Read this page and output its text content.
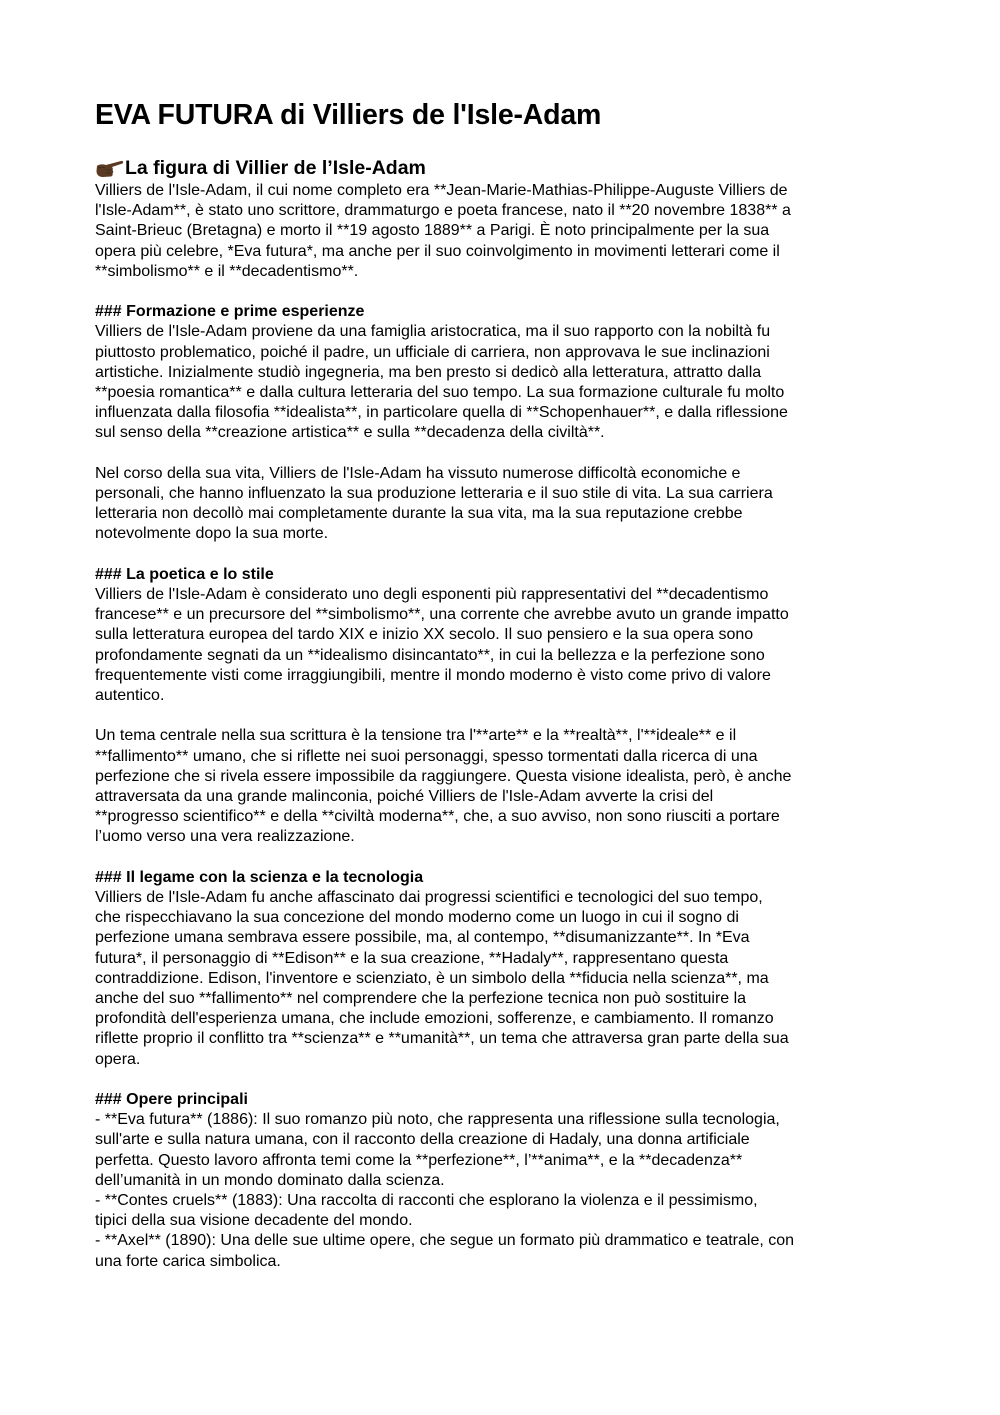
EVA FUTURA di Villiers de l'Isle-Adam
La figura di Villier de l’Isle-Adam

Villiers de l'Isle-Adam, il cui nome completo era **Jean-Marie-Mathias-Philippe-Auguste Villiers de
l'Isle-Adam**, è stato uno scrittore, drammaturgo e poeta francese, nato il **20 novembre 1838** a
Saint-Brieuc (Bretagna) e morto il **19 agosto 1889** a Parigi. È noto principalmente per la sua
opera più celebre, *Eva futura*, ma anche per il suo coinvolgimento in movimenti letterari come il
**simbolismo** e il **decadentismo**.

### Formazione e prime esperienze

Villiers de l'Isle-Adam proviene da una famiglia aristocratica, ma il suo rapporto con la nobiltà fu
piuttosto problematico, poiché il padre, un ufficiale di carriera, non approvava le sue inclinazioni
artistiche. Inizialmente studiò ingegneria, ma ben presto si dedicò alla letteratura, attratto dalla
**poesia romantica** e dalla cultura letteraria del suo tempo. La sua formazione culturale fu molto
influenzata dalla filosofia **idealista**, in particolare quella di **Schopenhauer**, e dalla riflessione
sul senso della **creazione artistica** e sulla **decadenza della civiltà**.

Nel corso della sua vita, Villiers de l'Isle-Adam ha vissuto numerose difficoltà economiche e
personali, che hanno influenzato la sua produzione letteraria e il suo stile di vita. La sua carriera
letteraria non decollò mai completamente durante la sua vita, ma la sua reputazione crebbe
notevolmente dopo la sua morte.

### La poetica e lo stile

Villiers de l'Isle-Adam è considerato uno degli esponenti più rappresentativi del **decadentismo
francese** e un precursore del **simbolismo**, una corrente che avrebbe avuto un grande impatto
sulla letteratura europea del tardo XIX e inizio XX secolo. Il suo pensiero e la sua opera sono
profondamente segnati da un **idealismo disincantato**, in cui la bellezza e la perfezione sono
frequentemente visti come irraggiungibili, mentre il mondo moderno è visto come privo di valore
autentico.

Un tema centrale nella sua scrittura è la tensione tra l'**arte** e la **realtà**, l'**ideale** e il
**fallimento** umano, che si riflette nei suoi personaggi, spesso tormentati dalla ricerca di una
perfezione che si rivela essere impossibile da raggiungere. Questa visione idealista, però, è anche
attraversata da una grande malinconia, poiché Villiers de l'Isle-Adam avverte la crisi del
**progresso scientifico** e della **civiltà moderna**, che, a suo avviso, non sono riusciti a portare
l’uomo verso una vera realizzazione.

### Il legame con la scienza e la tecnologia

Villiers de l'Isle-Adam fu anche affascinato dai progressi scientifici e tecnologici del suo tempo,
che rispecchiavano la sua concezione del mondo moderno come un luogo in cui il sogno di
perfezione umana sembrava essere possibile, ma, al contempo, **disumanizzante**. In *Eva
futura*, il personaggio di **Edison** e la sua creazione, **Hadaly**, rappresentano questa
contraddizione. Edison, l'inventore e scienziato, è un simbolo della **fiducia nella scienza**, ma
anche del suo **fallimento** nel comprendere che la perfezione tecnica non può sostituire la
profondità dell'esperienza umana, che include emozioni, sofferenze, e cambiamento. Il romanzo
riflette proprio il conflitto tra **scienza** e **umanità**, un tema che attraversa gran parte della sua
opera.

### Opere principali

- **Eva futura** (1886): Il suo romanzo più noto, che rappresenta una riflessione sulla tecnologia,
sull'arte e sulla natura umana, con il racconto della creazione di Hadaly, una donna artificiale
perfetta. Questo lavoro affronta temi come la **perfezione**, l’**anima**, e la **decadenza**
dell’umanità in un mondo dominato dalla scienza.
- **Contes cruels** (1883): Una raccolta di racconti che esplorano la violenza e il pessimismo,
tipici della sua visione decadente del mondo.
- **Axel** (1890): Una delle sue ultime opere, che segue un formato più drammatico e teatrale, con
una forte carica simbolica.
